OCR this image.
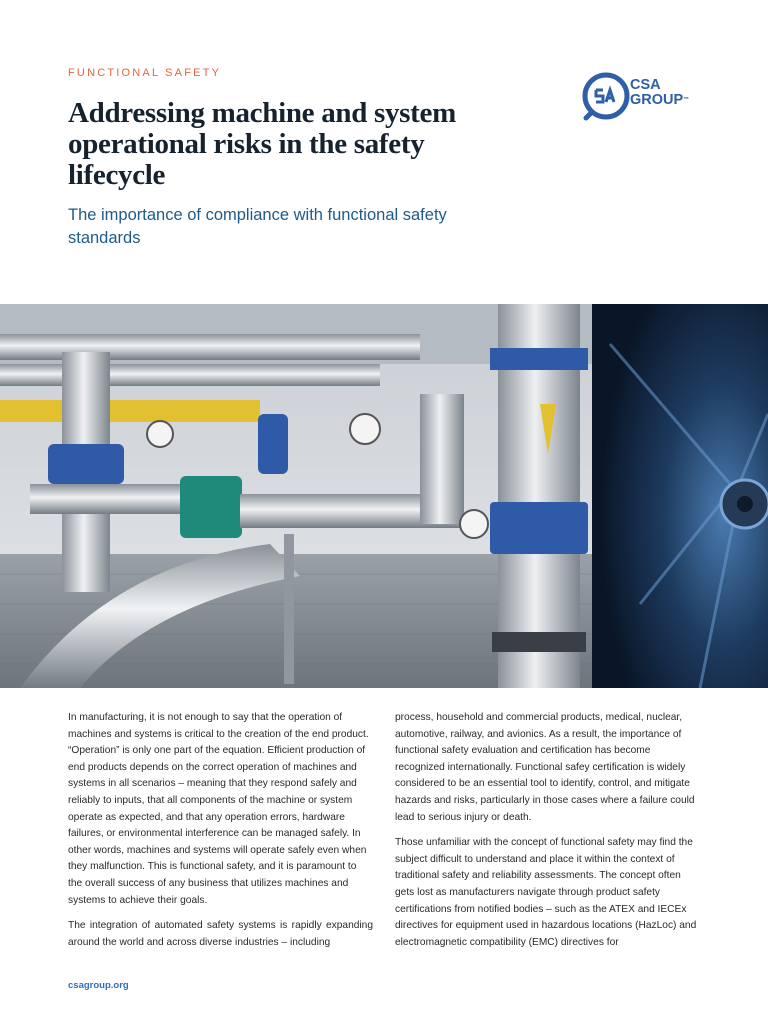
FUNCTIONAL SAFETY
CSA
GROUP™
Addressing machine and system operational risks in the safety lifecycle
The importance of compliance with functional safety standards

In manufacturing, it is not enough to say that the operation of machines and systems is critical to the creation of the end product. “Operation” is only one part of the equation. Efficient production of end products depends on the correct operation of machines and systems in all scenarios – meaning that they respond safely and reliably to inputs, that all components of the machine or system operate as expected, and that any operation errors, hardware failures, or environmental interference can be managed safely. In other words, machines and systems will operate safely even when they malfunction. This is functional safety, and it is paramount to the overall success of any business that utilizes machines and systems to achieve their goals.

The integration of automated safety systems is rapidly expanding around the world and across diverse industries – including

process, household and commercial products, medical, nuclear, automotive, railway, and avionics. As a result, the importance of functional safety evaluation and certification has become recognized internationally. Functional safey certification is widely considered to be an essential tool to identify, control, and mitigate hazards and risks, particularly in those cases where a failure could lead to serious injury or death.

Those unfamiliar with the concept of functional safety may find the subject difficult to understand and place it within the context of traditional safety and reliability assessments. The concept often gets lost as manufacturers navigate through product safety certifications from notified bodies – such as the ATEX and IECEx directives for equipment used in hazardous locations (HazLoc) and electromagnetic compatibility (EMC) directives for

csagroup.org
